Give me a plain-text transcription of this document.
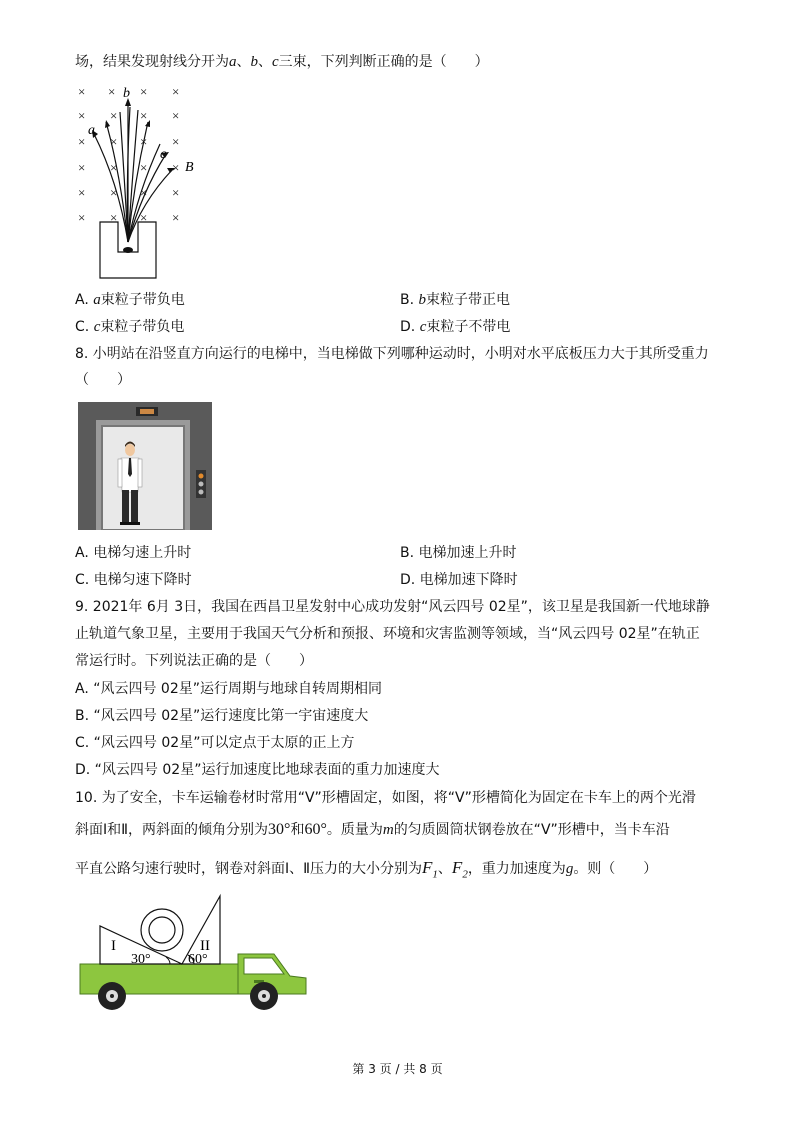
场，结果发现射线分开为a、b、c三束，下列判断正确的是（　　）
×	× ×
× × × ×
× × × ×
× × × ×
× × × ×
× × × ×
× b
a
c
B
A. a束粒子带负电	B. b束粒子带正电
C. c束粒子带负电	D. c束粒子不带电
8. 小明站在沿竖直方向运行的电梯中，当电梯做下列哪种运动时，小明对水平底板压力大于其所受重力
（　　）
A. 电梯匀速上升时	B. 电梯加速上升时
C. 电梯匀速下降时	D. 电梯加速下降时
9. 2021年 6月 3日，我国在西昌卫星发射中心成功发射“风云四号 02星”，该卫星是我国新一代地球静
止轨道气象卫星，主要用于我国天气分析和预报、环境和灾害监测等领域，当“风云四号 02星”在轨正
常运行时。下列说法正确的是（　　）
A. “风云四号 02星”运行周期与地球自转周期相同
B. “风云四号 02星”运行速度比第一宇宙速度大
C. “风云四号 02星”可以定点于太原的正上方
D. “风云四号 02星”运行加速度比地球表面的重力加速度大
10. 为了安全，卡车运输卷材时常用“V”形槽固定，如图，将“V”形槽简化为固定在卡车上的两个光滑
斜面Ⅰ和Ⅱ，两斜面的倾角分别为30°和60°。质量为m的匀质圆筒状钢卷放在“V”形槽中，当卡车沿
平直公路匀速行驶时，钢卷对斜面Ⅰ、Ⅱ压力的大小分别为$F_1$、$F_2$，重力加速度为g。则（　　）
I	II
30°	60°
第 3 页 / 共 8 页
